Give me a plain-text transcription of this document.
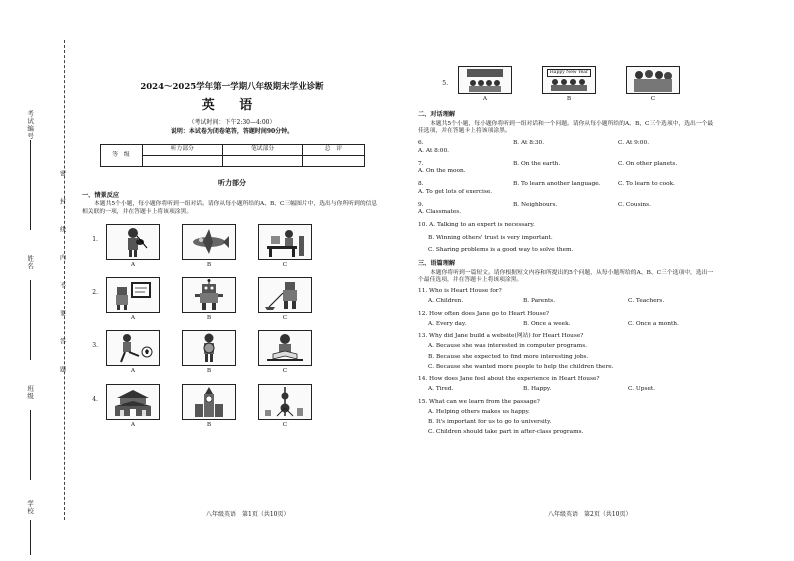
考试编号
姓名
班级
学校
密封线内不要答题
2024～2025学年第一学期八年级期末学业诊断
英 语
（考试时间：下午2:30—4:00）
说明：本试卷为闭卷笔答，答题时间90分钟。
等　级	听力部分	笔试部分	总　评

听力部分
一、情景反应
本题共5个小题，每小题你将听到一组对话。请你从每小题所给的A、B、C三幅图片中，选出与你所听到的信息相关联的一项，并在答题卡上将该项涂黑。
1.
A	B	C
2.
A	B	C
3.
A	B	C
4.
A	B	C
八年级英语　第1页（共10页）
5.
A
Happy New Year
B	C
二、对话理解
本题共5个小题，每小题你将听到一组对话和一个问题。请你从每小题所给的A、B、C三个选项中，选出一个最佳选项，并在答题卡上将该项涂黑。
6.
A. At 8:00.
B. At 8:30.	C. At 9:00.
7.
A. On the moon.
B. On the earth.	C. On other planets.
8.
A. To get lots of exercise.
B. To learn another language.	C. To learn to cook.
9.
A. Classmates.
B. Neighbours.	C. Cousins.
10. A. Talking to an expert is necessary.
B. Winning others' trust is very important.
C. Sharing problems is a good way to solve them.
三、语篇理解
本题你将听到一篇短文。请你根据短文内容和所提出的5个问题，从每小题所给的A、B、C三个选项中，选出一个最佳选项，并在答题卡上将该项涂黑。
11. Who is Heart House for?
A. Children.	B. Parents.	C. Teachers.
12. How often does Jane go to Heart House?
A. Every day.	B. Once a week.	C. Once a month.
13. Why did Jane build a website(网站) for Heart House?
A. Because she was interested in computer programs.
B. Because she expected to find more interesting jobs.
C. Because she wanted more people to help the children there.
14. How does Jane feel about the experience in Heart House?
A. Tired.	B. Happy.	C. Upset.
15. What can we learn from the passage?
A. Helping others makes us happy.
B. It's important for us to go to university.
C. Children should take part in after-class programs.
八年级英语　第2页（共10页）
